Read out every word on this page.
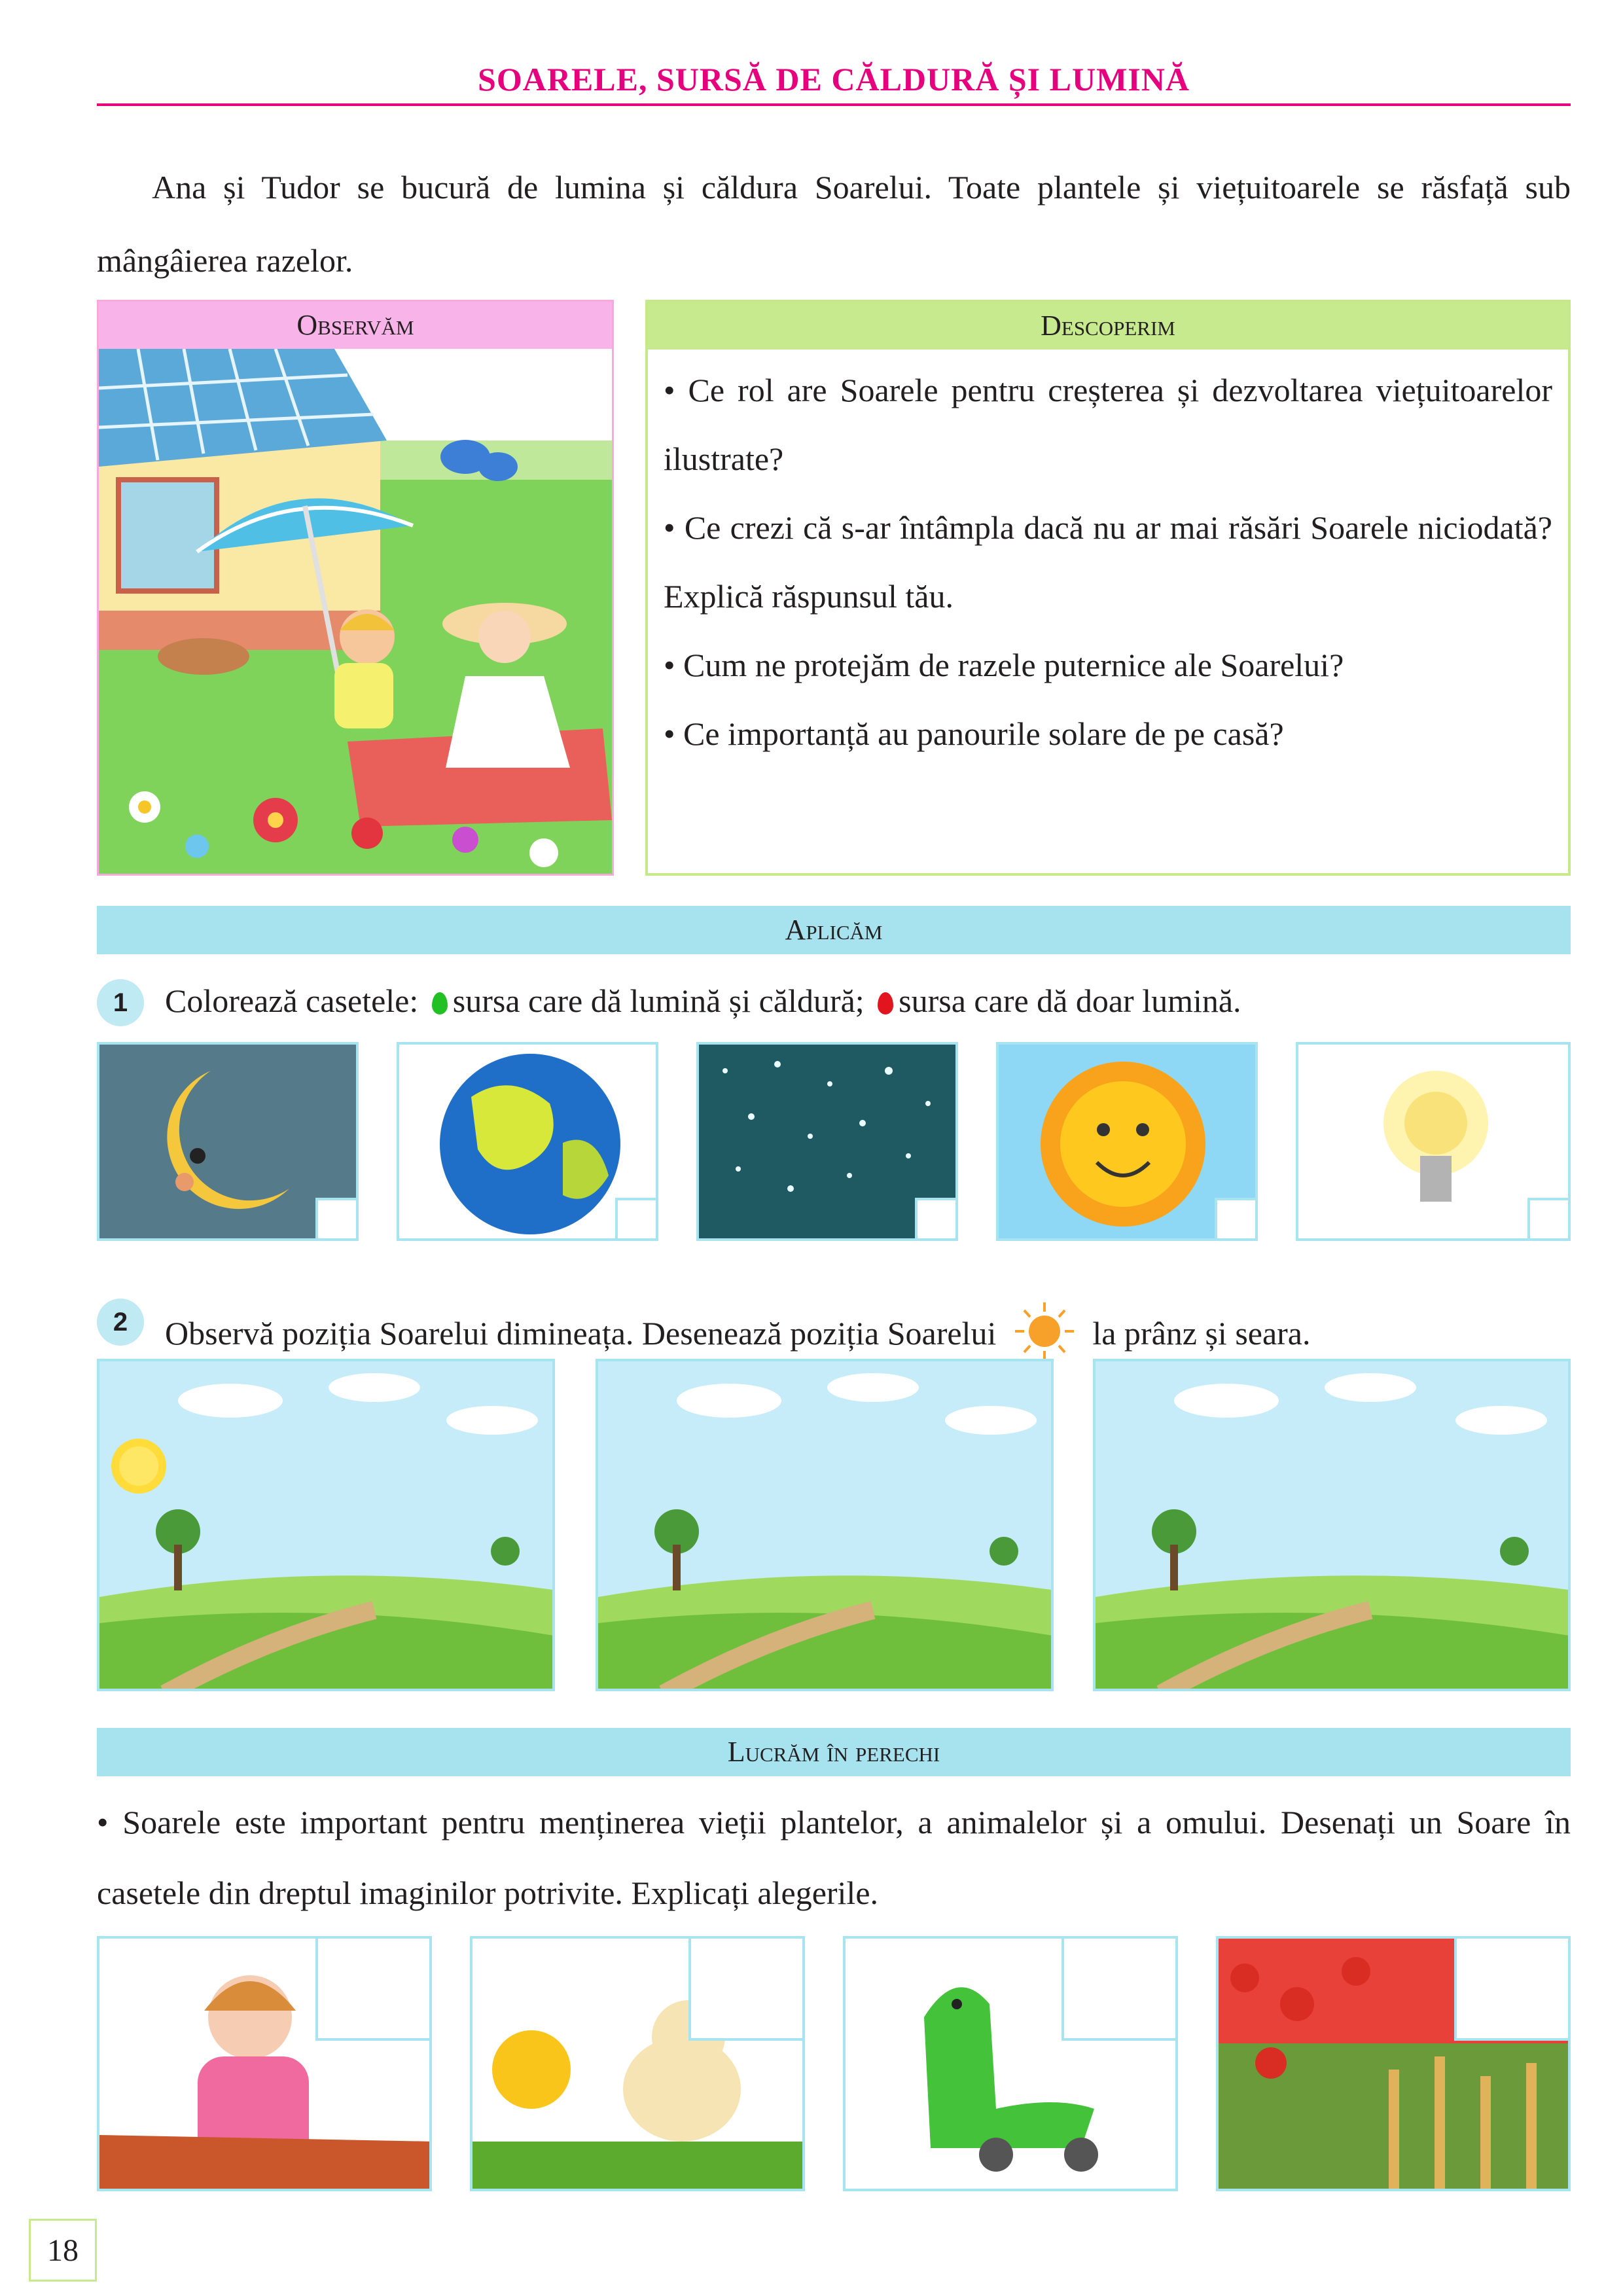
SOARELE, SURSĂ DE CĂLDURĂ ȘI LUMINĂ

Ana și Tudor se bucură de lumina și căldura Soarelui. Toate plantele și viețuitoarele se răsfață sub mângâierea razelor.

Observăm	Descoperim

• Ce rol are Soarele pentru creșterea și dezvoltarea viețuitoarelor ilustrate?

• Ce crezi că s-ar întâmpla dacă nu ar mai răsări Soarele niciodată? Explică răspunsul tău.

• Cum ne protejăm de razele puternice ale Soarelui?

• Ce importanță au panourile solare de pe casă?

Aplicăm
1	Colorează casetele: sursa care dă lumină și căldură; sursa care dă doar lumină.
2	Observă poziția Soarelui dimineața. Desenează poziția Soarelui	la prânz și seara.
Lucrăm în perechi

• Soarele este important pentru menținerea vieții plantelor, a animalelor și a omului. Desenați un Soare în casetele din dreptul imaginilor potrivite. Explicați alegerile.

18
